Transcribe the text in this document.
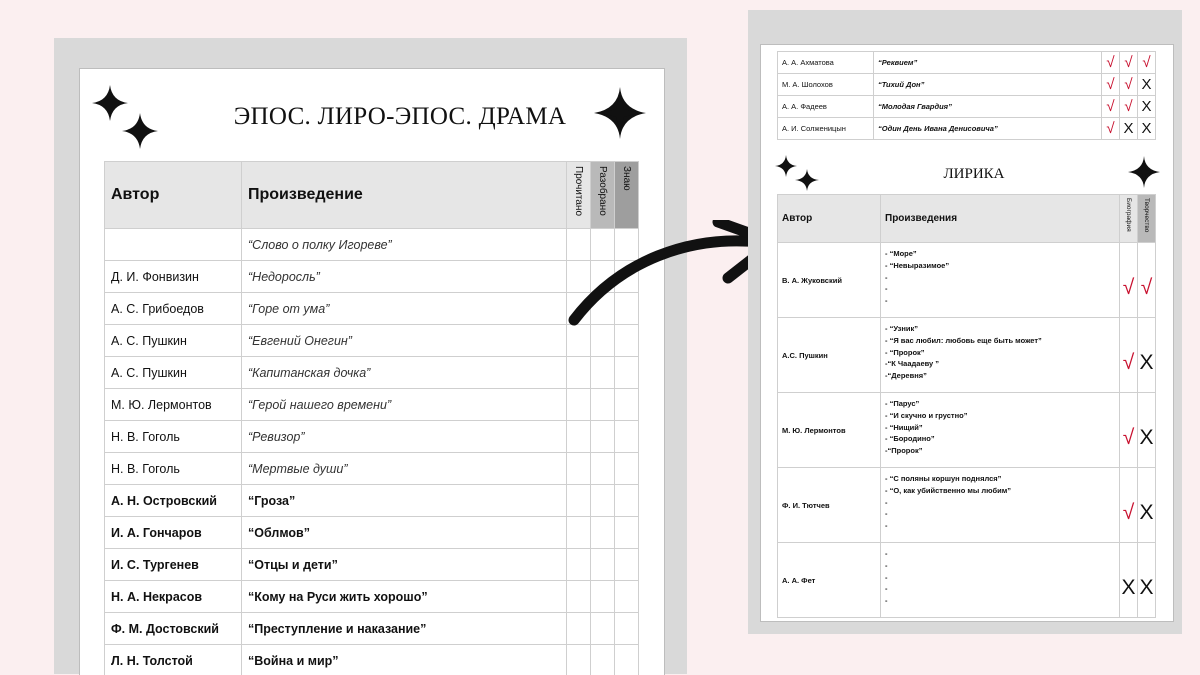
ЭПОС. ЛИРО-ЭПОС. ДРАМА
Автор	Произведение	Прочитано	Разобрано	Знаю

	“Слово о полку Игореве”			
Д. И. Фонвизин	“Недоросль”			
А. С. Грибоедов	“Горе от ума”			
А. С. Пушкин	“Евгений Онегин”			
А. С. Пушкин	“Капитанская дочка”			
М. Ю. Лермонтов	“Герой нашего времени”			
Н. В. Гоголь	“Ревизор”			
Н. В. Гоголь	“Мертвые души”			
А. Н. Островский	“Гроза”			
И. А. Гончаров	“Облмов”			
И. С. Тургенев	“Отцы и дети”			
Н. А. Некрасов	“Кому на Руси жить хорошо”			
Ф. М. Достовский	“Преступление и наказание”			
Л. Н. Толстой	“Война и мир”			
А. А. Ахматова	“Реквием”	√	√	√
М. А. Шолохов	“Тихий Дон”	√	√	X
А. А. Фадеев	“Молодая Гвардия”	√	√	X
А. И. Солженицын	“Один День Ивана Денисовича”	√	X	X
ЛИРИКА
Автор	Произведения	Биография	Творчество

В. А. Жуковский	- “Море”
- “Невыразимое”
-
-
-	√	√
А.С. Пушкин	- “Узник”
- “Я вас любил: любовь еще быть может”
- “Пророк”
-“К Чаадаеву ”
-“Деревня”	√	X
М. Ю. Лермонтов	- “Парус”
- “И скучно и грустно”
- “Нищий”
- “Бородино”
-“Пророк”	√	X
Ф. И. Тютчев	- “С поляны коршун поднялся”
- “О, как убийственно мы любим”
-
-
-	√	X
А. А. Фет	-
-
-
-
-	X	X
